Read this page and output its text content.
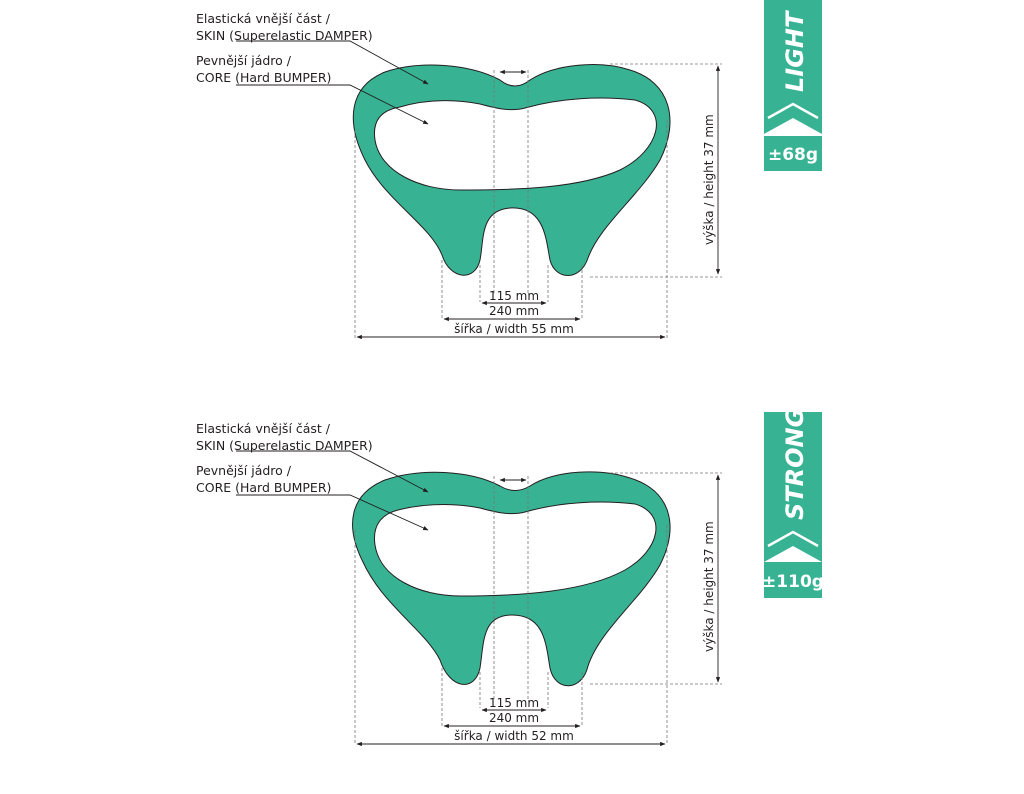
Elastická vnější část /
SKIN (Superelastic DAMPER)
Pevnější jádro /
CORE (Hard BUMPER)
výška / height 37 mm
115 mm
240 mm
šířka / width 55 mm
LIGHT
±68g
Elastická vnější část /
SKIN (Superelastic DAMPER)
Pevnější jádro /
CORE (Hard BUMPER)
výška / height 37 mm
115 mm
240 mm
šířka / width 52 mm
STRONG
±110g
